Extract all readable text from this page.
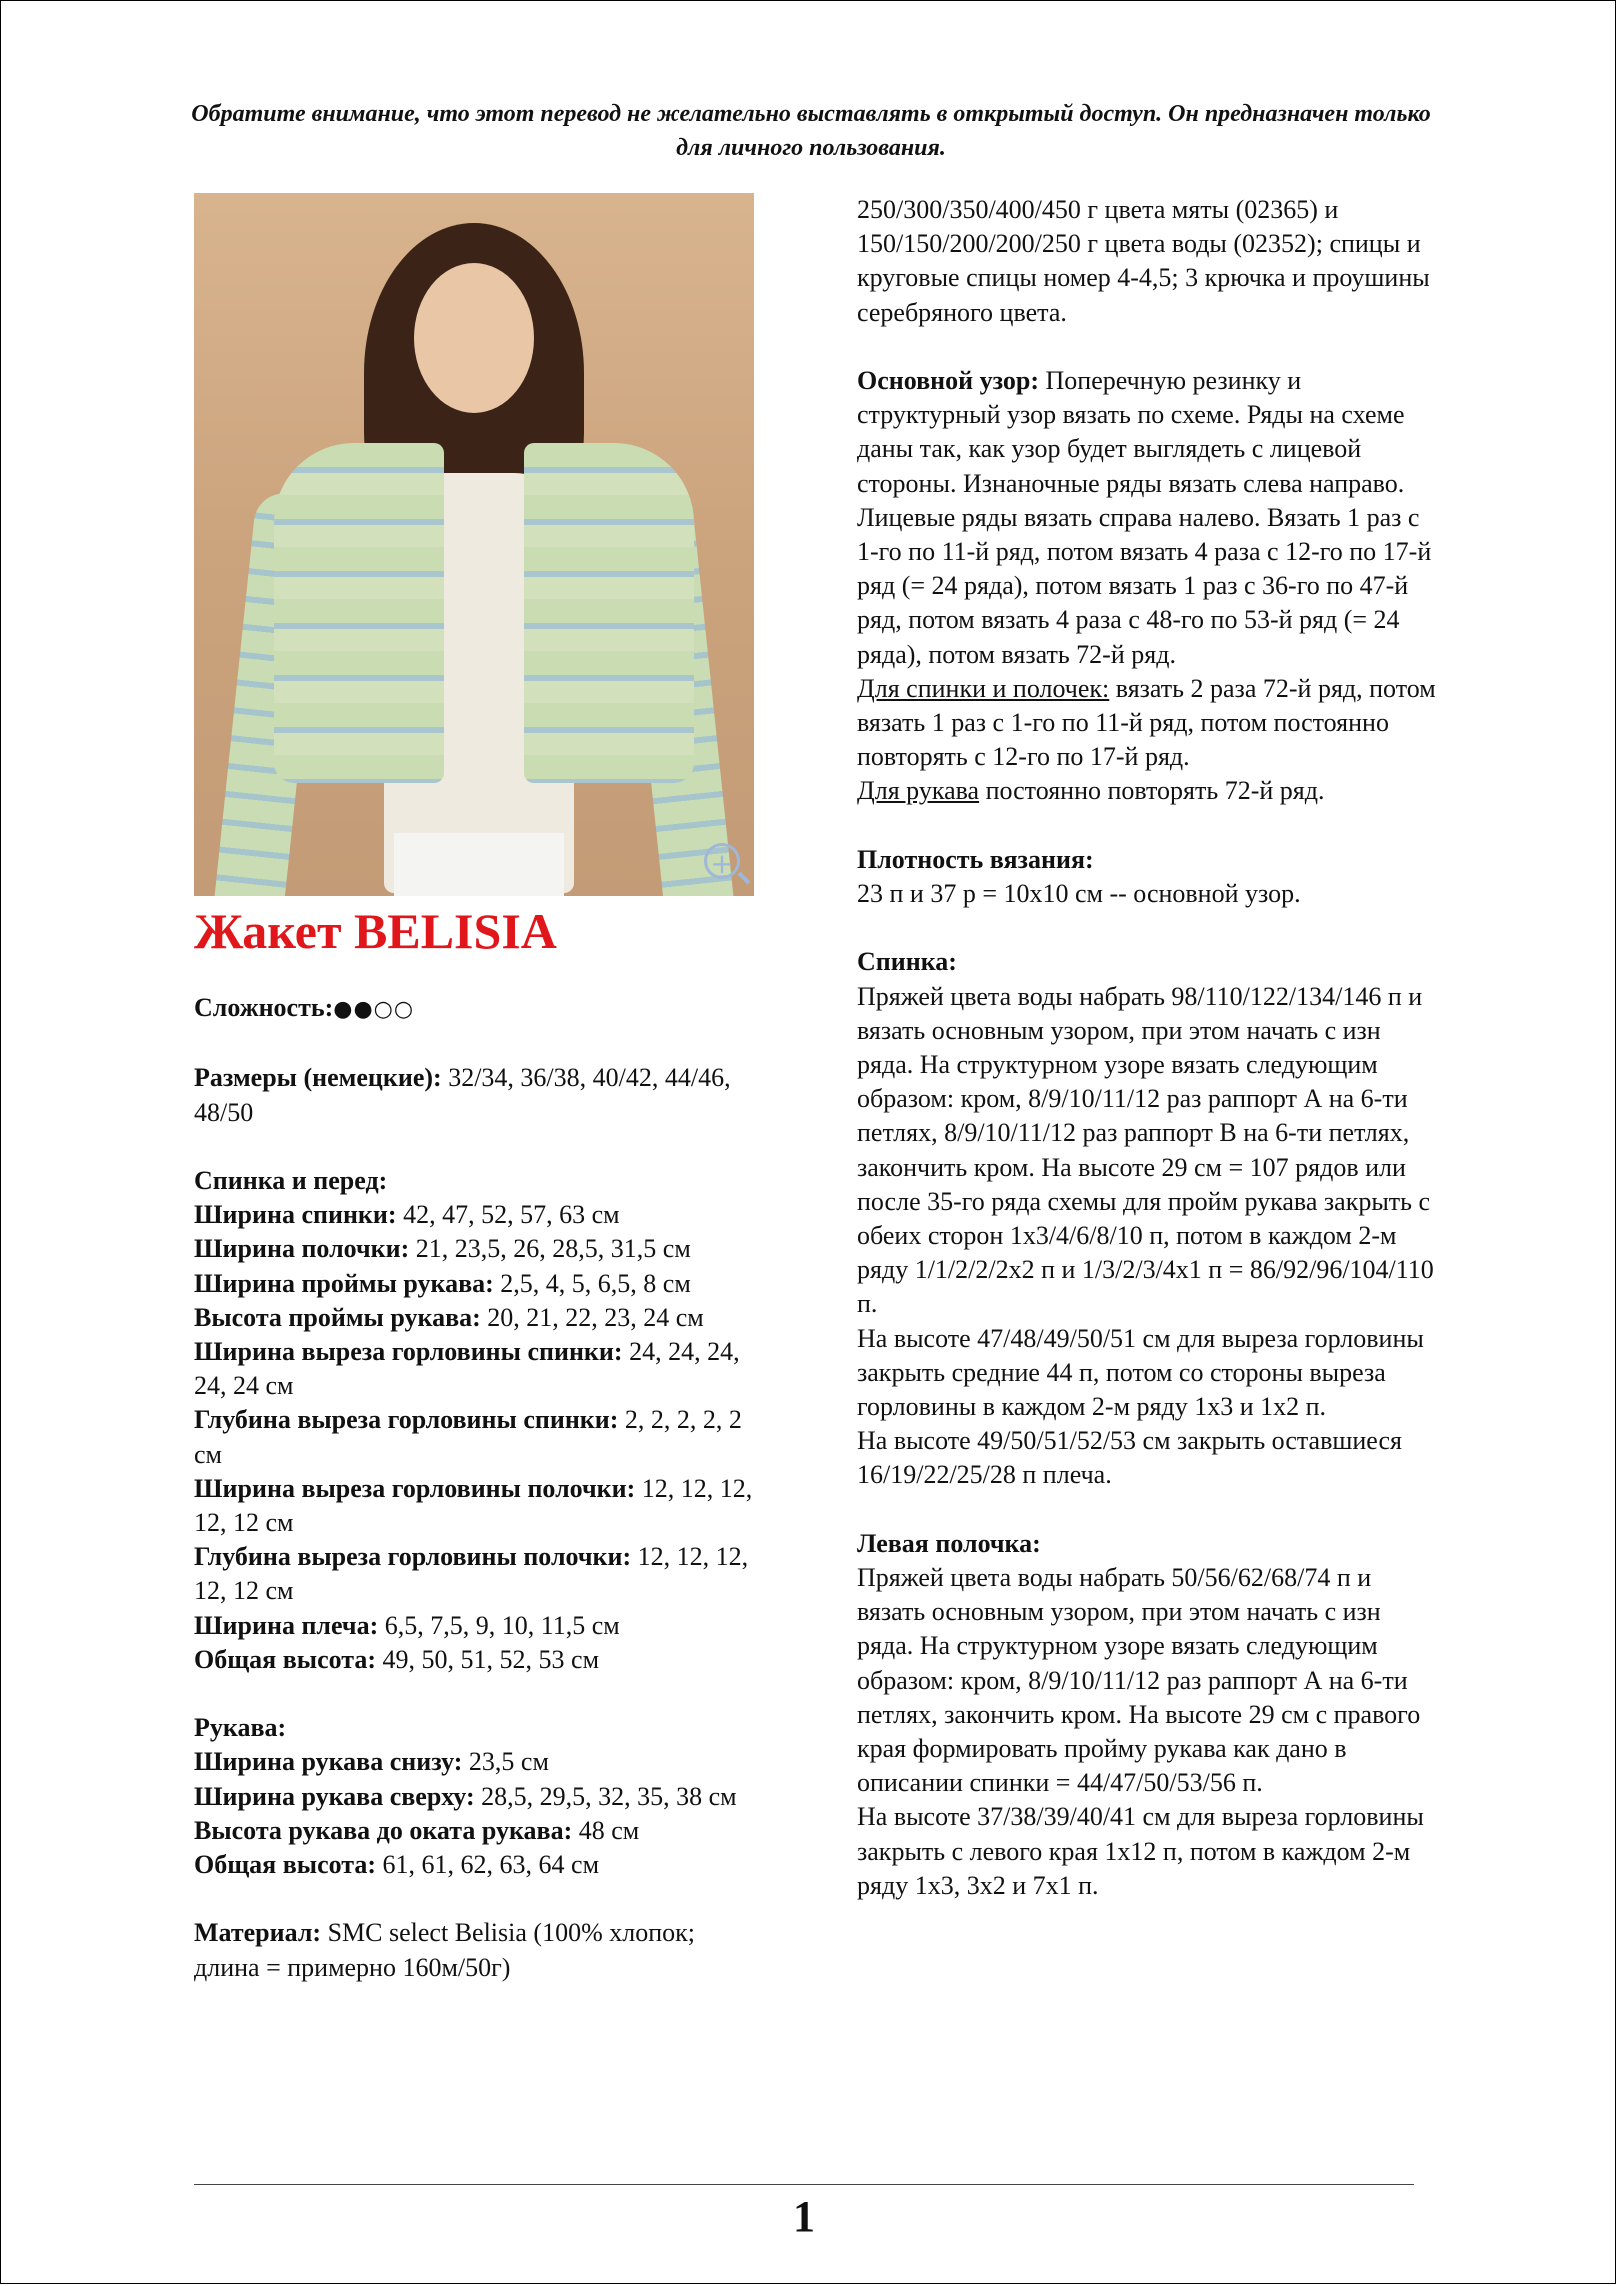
Обратите внимание, что этот перевод не желательно выставлять в открытый доступ. Он предназначен только для личного пользования.
+
Жакет BELISIA

Сложность:●●○○

Размеры (немецкие): 32/34, 36/38, 40/42, 44/46, 48/50

Спинка и перед:

Ширина спинки: 42, 47, 52, 57, 63 см

Ширина полочки: 21, 23,5, 26, 28,5, 31,5 см

Ширина проймы рукава: 2,5, 4, 5, 6,5, 8 см

Высота проймы рукава: 20, 21, 22, 23, 24 см

Ширина выреза горловины спинки: 24, 24, 24, 24, 24 см

Глубина выреза горловины спинки: 2, 2, 2, 2, 2 см

Ширина выреза горловины полочки: 12, 12, 12, 12, 12 см

Глубина выреза горловины полочки: 12, 12, 12, 12, 12 см

Ширина плеча: 6,5, 7,5, 9, 10, 11,5 см

Общая высота: 49, 50, 51, 52, 53 см

Рукава:

Ширина рукава снизу: 23,5 см

Ширина рукава сверху: 28,5, 29,5, 32, 35, 38 см

Высота рукава до оката рукава: 48 см

Общая высота: 61, 61, 62, 63, 64 см

Материал: SMC select Belisia (100% хлопок; длина = примерно 160м/50г)

250/300/350/400/450 г цвета мяты (02365) и 150/150/200/200/250 г цвета воды (02352); спицы и круговые спицы номер 4-4,5; 3 крючка и проушины серебряного цвета.

Основной узор: Поперечную резинку и структурный узор вязать по схеме. Ряды на схеме даны так, как узор будет выглядеть с лицевой стороны. Изнаночные ряды вязать слева направо. Лицевые ряды вязать справа налево. Вязать 1 раз с 1-го по 11-й ряд, потом вязать 4 раза с 12-го по 17-й ряд (= 24 ряда), потом вязать 1 раз с 36-го по 47-й ряд, потом вязать 4 раза с 48-го по 53-й ряд (= 24 ряда), потом вязать 72-й ряд.

Для спинки и полочек: вязать 2 раза 72-й ряд, потом вязать 1 раз с 1-го по 11-й ряд, потом постоянно повторять с 12-го по 17-й ряд.

Для рукава постоянно повторять 72-й ряд.

Плотность вязания:

23 п и 37 р = 10х10 см -- основной узор.

Спинка:

Пряжей цвета воды набрать 98/110/122/134/146 п и вязать основным узором, при этом начать с изн ряда. На структурном узоре вязать следующим образом: кром, 8/9/10/11/12 раз раппорт А на 6-ти петлях, 8/9/10/11/12 раз раппорт В на 6-ти петлях, закончить кром. На высоте 29 см = 107 рядов или после 35-го ряда схемы для пройм рукава закрыть с обеих сторон 1х3/4/6/8/10 п, потом в каждом 2-м ряду 1/1/2/2/2х2 п и 1/3/2/3/4х1 п = 86/92/96/104/110 п.

На высоте 47/48/49/50/51 см для выреза горловины закрыть средние 44 п, потом со стороны выреза горловины в каждом 2-м ряду 1х3 и 1х2 п.

На высоте 49/50/51/52/53 см закрыть оставшиеся 16/19/22/25/28 п плеча.

Левая полочка:

Пряжей цвета воды набрать 50/56/62/68/74 п и вязать основным узором, при этом начать с изн ряда. На структурном узоре вязать следующим образом: кром, 8/9/10/11/12 раз раппорт А на 6-ти петлях, закончить кром. На высоте 29 см с правого края формировать пройму рукава как дано в описании спинки = 44/47/50/53/56 п.

На высоте 37/38/39/40/41 см для выреза горловины закрыть с левого края 1х12 п, потом в каждом 2-м ряду 1х3, 3х2 и 7х1 п.

1
